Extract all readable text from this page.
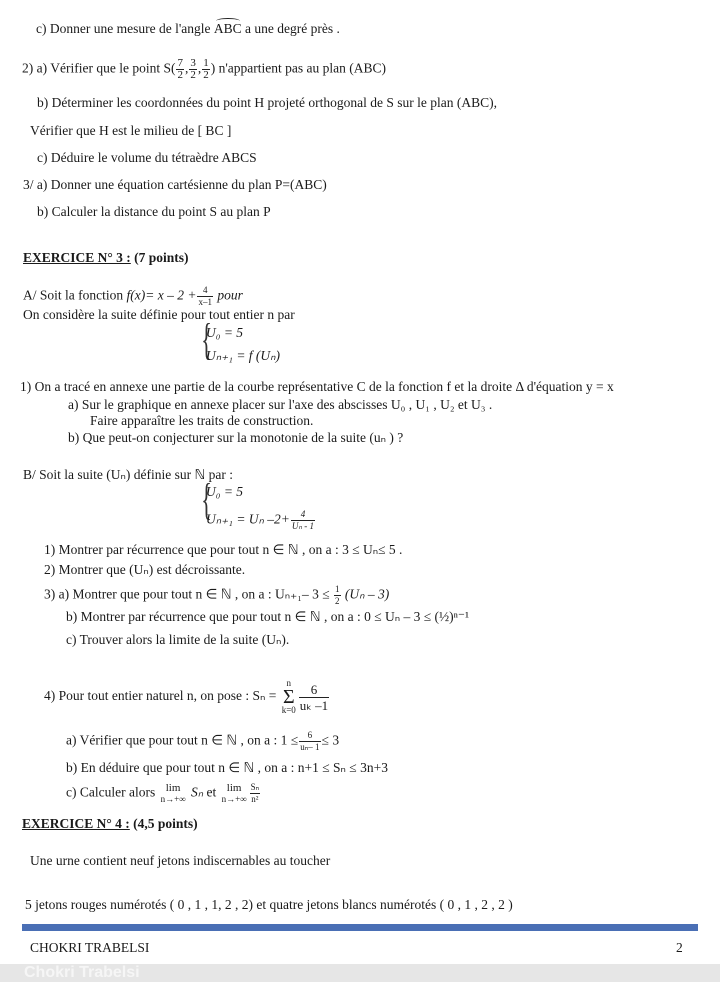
c) Donner une mesure de l'angle ABC a une degré près .
2) a) Vérifier que le point $S( \frac{7}{2}$ , $\frac{3}{2}$ , $\frac{1}{2}$ ) n'appartient pas au plan (ABC)
b) Déterminer les coordonnées du point H projeté orthogonal de S sur le plan (ABC),
Vérifier que H est le milieu de [ BC ]
c) Déduire le volume du tétraèdre ABCS
3/ a) Donner une équation cartésienne du plan P=(ABC)
b) Calculer la distance du point S au plan P
EXERCICE N° 3 : (7 points)
A/ Soit la fonction $f(x)= x - 2 + \frac{4}{x-1}$ pour
On considère la suite définie pour tout entier n par
{
U₀ = 5
Uₙ₊₁ = f (Uₙ)
1) On a tracé en annexe une partie de la courbe représentative C de la fonction f et la droite Δ d'équation y = x
a) Sur le graphique en annexe placer sur l'axe des abscisses U₀ , U₁ , U₂ et U₃ .
Faire apparaître les traits de construction.
b) Que peut-on conjecturer sur la monotonie de la suite (uₙ ) ?
B/ Soit la suite (Uₙ) définie sur ℕ par :
{
U₀ = 5
Uₙ₊₁ = Uₙ $-2+ \frac{4}{\text{Uₙ - 1}}$
1) Montrer par récurrence que pour tout n ∈ ℕ , on a : 3 ≤ Uₙ≤ 5 .
2) Montrer que (Uₙ) est décroissante.
3) a) Montrer que pour tout n ∈ ℕ , on a : Uₙ₊₁– $3 \le \frac{1}{2} (U_n - 3)$
b) Montrer par récurrence que pour tout n ∈ ℕ , on a : 0 ≤ Uₙ – 3 ≤ (½)ⁿ⁻¹
c) Trouver alors la limite de la suite (Uₙ).
4) Pour tout entier naturel n, on pose : Sₙ =
n
Σ
$k=0 \frac{6}{\text{uₖ –1}}$
a) Vérifier que pour tout n ∈ ℕ , on a : $1 \le \frac{6}{\text{uₙ– 1}} \le 3$
b) En déduire que pour tout n ∈ ℕ , on a : n+1 ≤ Sₙ ≤ 3n+3
c) Calculer alors lim
n→+∞ Sₙ et lim
$n\to+\infty \frac{\text{Sₙ}}{\text{n²}}$
EXERCICE N° 4 : (4,5 points)
Une urne contient neuf jetons indiscernables au toucher
5 jetons rouges numérotés ( 0 , 1 , 1, 2 , 2) et quatre jetons blancs numérotés ( 0 , 1 , 2 , 2 )
CHOKRI TRABELSI	2
Chokri Trabelsi
